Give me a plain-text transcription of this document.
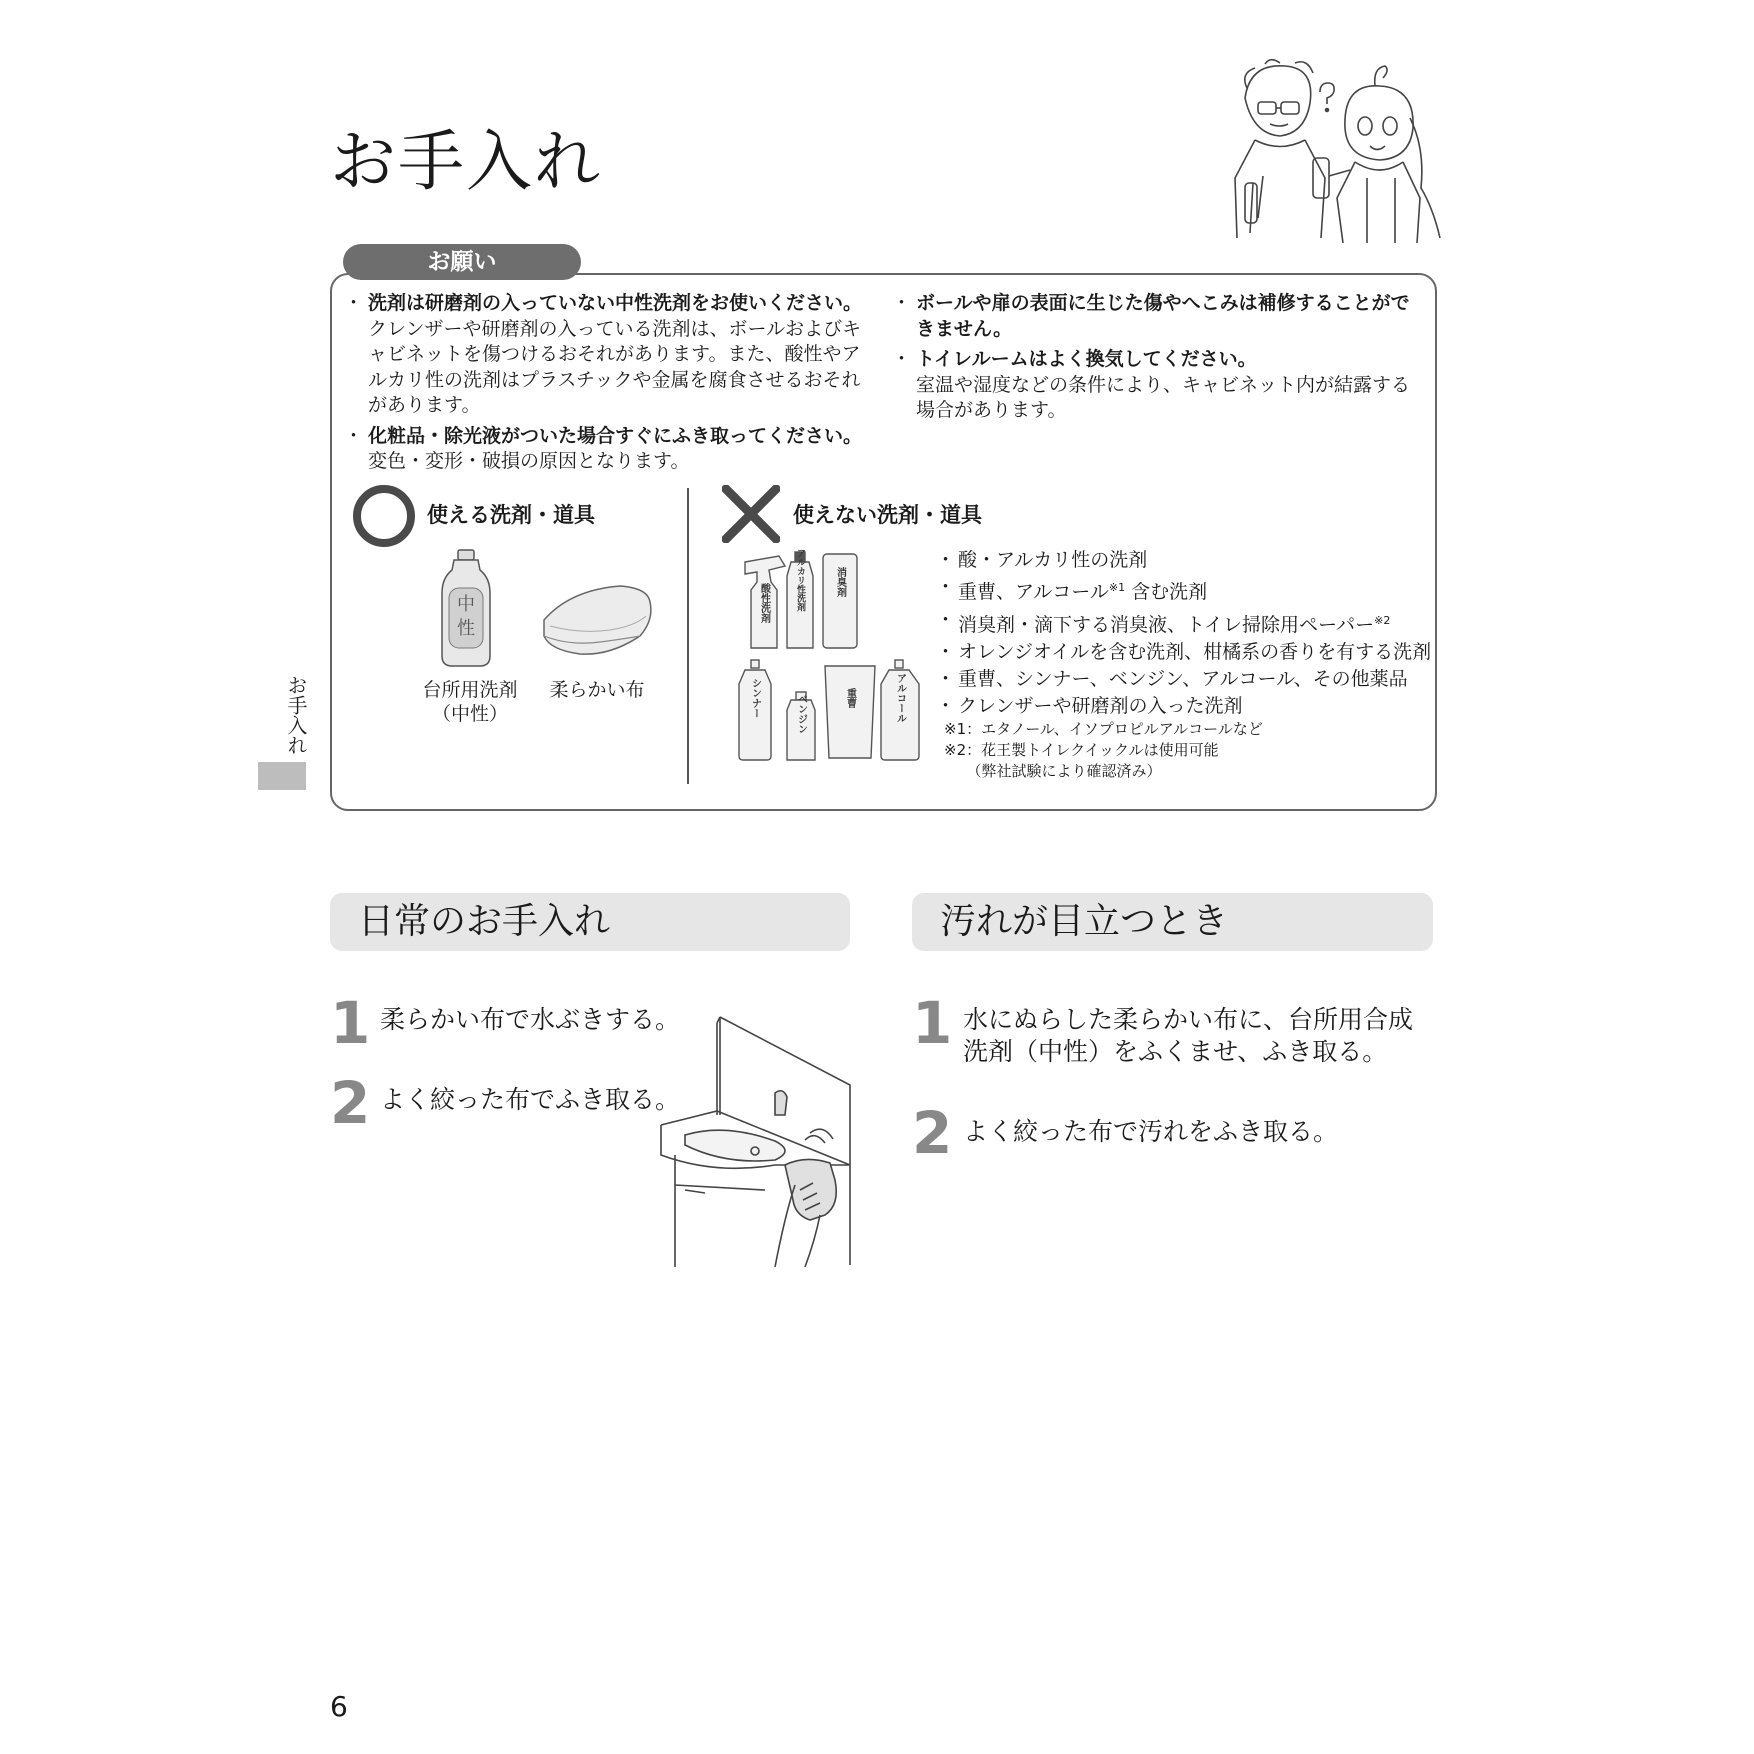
お手入れ
お手入れ
お願い
・ 洗剤は研磨剤の入っていない中性洗剤をお使いください。
クレンザーや研磨剤の入っている洗剤は、ボールおよびキャビネットを傷つけるおそれがあります。また、酸性やアルカリ性の洗剤はプラスチックや金属を腐食させるおそれがあります。
・ 化粧品・除光液がついた場合すぐにふき取ってください。
変色・変形・破損の原因となります。
・ ボールや扉の表面に生じた傷やへこみは補修することができません。
・ トイレルームはよく換気してください。
室温や湿度などの条件により、キャビネット内が結露する場合があります。
使える洗剤・道具
中
性
台所用洗剤
（中性）
柔らかい布
使えない洗剤・道具
酸性洗剤	アルカリ性洗剤	消臭剤
シンナー	ベンジン	重曹	アルコール
・ 酸・アルカリ性の洗剤
・ 重曹、アルコール$^{※1}$ 含む洗剤
・ 消臭剤・滴下する消臭液、トイレ掃除用ペーパー$^{※2}$
・ オレンジオイルを含む洗剤、柑橘系の香りを有する洗剤
・ 重曹、シンナー、ベンジン、アルコール、その他薬品
・ クレンザーや研磨剤の入った洗剤
※1：エタノール、イソプロピルアルコールなど
※2：花王製トイレクイックルは使用可能
　　（弊社試験により確認済み）
日常のお手入れ
1 柔らかい布で水ぶきする。
2 よく絞った布でふき取る。
汚れが目立つとき
1 水にぬらした柔らかい布に、台所用合成
洗剤（中性）をふくませ、ふき取る。
2 よく絞った布で汚れをふき取る。
6
